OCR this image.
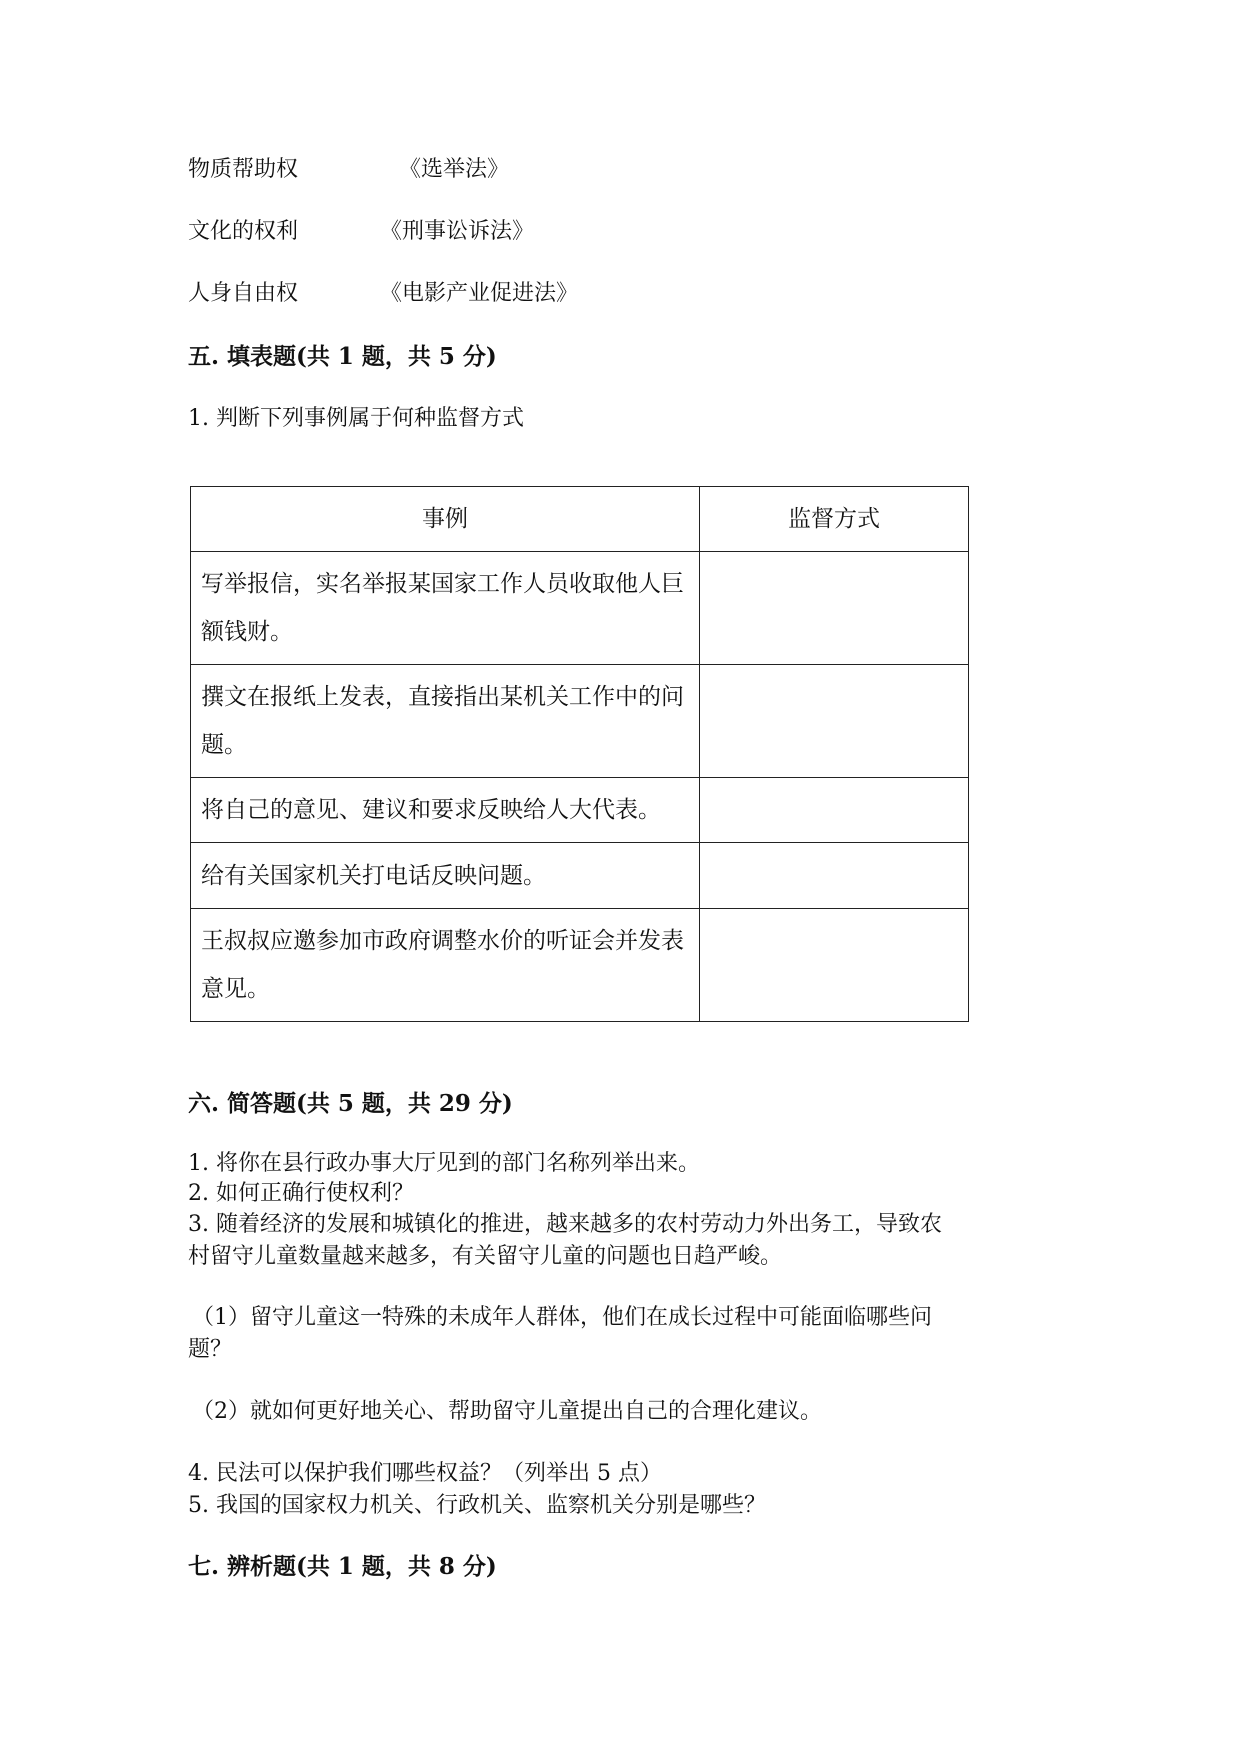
物质帮助权	《选举法》
文化的权利	《刑事讼诉法》
人身自由权	《电影产业促进法》
五. 填表题(共 1 题，共 5 分)
1. 判断下列事例属于何种监督方式
事例	监督方式
写举报信，实名举报某国家工作人员收取他人巨额钱财。	
撰文在报纸上发表，直接指出某机关工作中的问题。	
将自己的意见、建议和要求反映给人大代表。	
给有关国家机关打电话反映问题。	
王叔叔应邀参加市政府调整水价的听证会并发表意见。	
六. 简答题(共 5 题，共 29 分)
1. 将你在县行政办事大厅见到的部门名称列举出来。
2. 如何正确行使权利？
3. 随着经济的发展和城镇化的推进，越来越多的农村劳动力外出务工，导致农
村留守儿童数量越来越多，有关留守儿童的问题也日趋严峻。
（1）留守儿童这一特殊的未成年人群体，他们在成长过程中可能面临哪些问
题？
（2）就如何更好地关心、帮助留守儿童提出自己的合理化建议。
4. 民法可以保护我们哪些权益？（列举出 5 点）
5. 我国的国家权力机关、行政机关、监察机关分别是哪些？
七. 辨析题(共 1 题，共 8 分)
